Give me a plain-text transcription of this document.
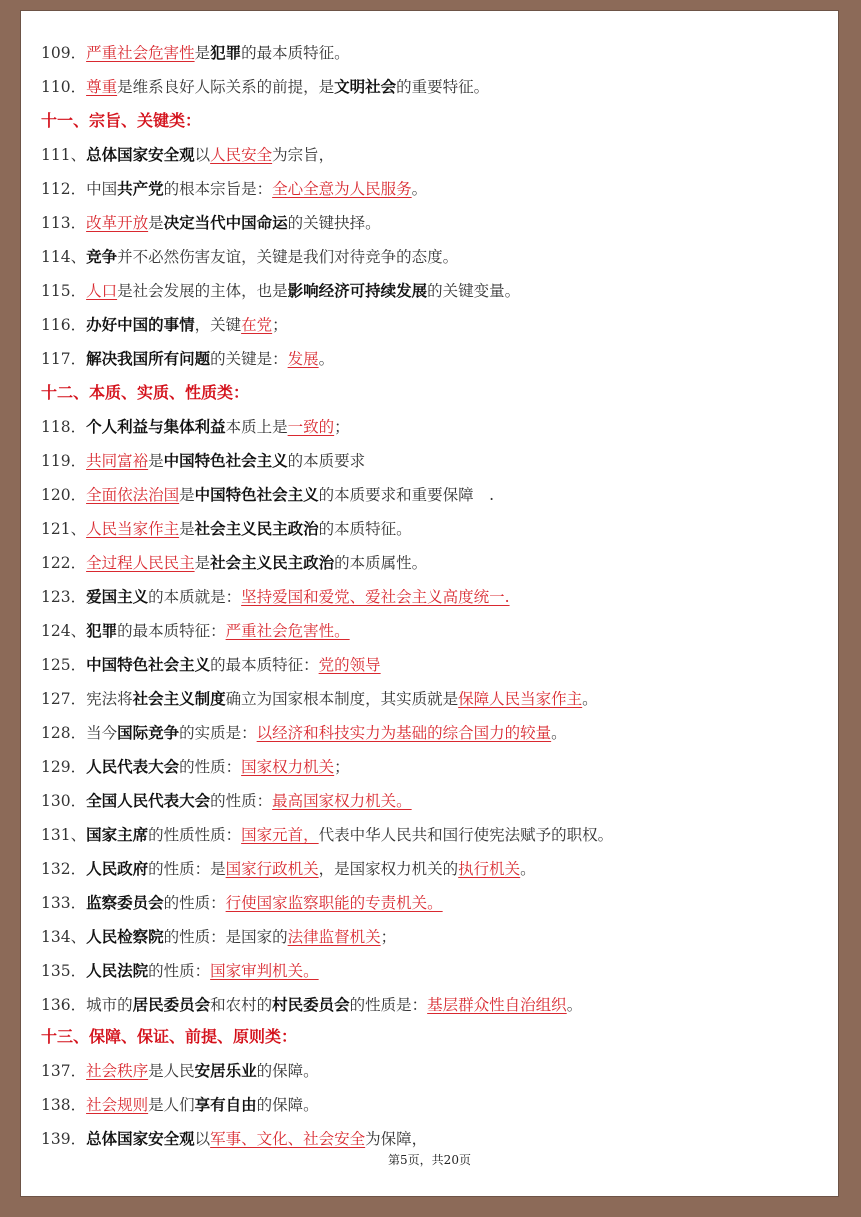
109．严重社会危害性是犯罪的最本质特征。
110．尊重是维系良好人际关系的前提，是文明社会的重要特征。
十一、宗旨、关键类：
111、总体国家安全观以人民安全为宗旨，
112．中国共产党的根本宗旨是：全心全意为人民服务。
113．改革开放是决定当代中国命运的关键抉择。
114、竞争并不必然伤害友谊，关键是我们对待竞争的态度。
115．人口是社会发展的主体，也是影响经济可持续发展的关键变量。
116．办好中国的事情，关键在党；
117．解决我国所有问题的关键是：发展。
十二、本质、实质、性质类：
118．个人利益与集体利益本质上是一致的；
119．共同富裕是中国特色社会主义的本质要求
120．全面依法治国是中国特色社会主义的本质要求和重要保障　.
121、人民当家作主是社会主义民主政治的本质特征。
122．全过程人民民主是社会主义民主政治的本质属性。
123．爱国主义的本质就是：坚持爱国和爱党、爱社会主义高度统一.
124、犯罪的最本质特征：严重社会危害性。
125．中国特色社会主义的最本质特征：党的领导
127．宪法将社会主义制度确立为国家根本制度，其实质就是保障人民当家作主。
128．当今国际竞争的实质是：以经济和科技实力为基础的综合国力的较量。
129．人民代表大会的性质：国家权力机关；
130．全国人民代表大会的性质：最高国家权力机关。
131、国家主席的性质性质：国家元首，代表中华人民共和国行使宪法赋予的职权。
132．人民政府的性质：是国家行政机关，是国家权力机关的执行机关。
133．监察委员会的性质：行使国家监察职能的专责机关。
134、人民检察院的性质：是国家的法律监督机关；
135．人民法院的性质：国家审判机关。
136．城市的居民委员会和农村的村民委员会的性质是：基层群众性自治组织。
十三、保障、保证、前提、原则类：
137．社会秩序是人民安居乐业的保障。
138．社会规则是人们享有自由的保障。
139．总体国家安全观以军事、文化、社会安全为保障，
第5页，共20页
